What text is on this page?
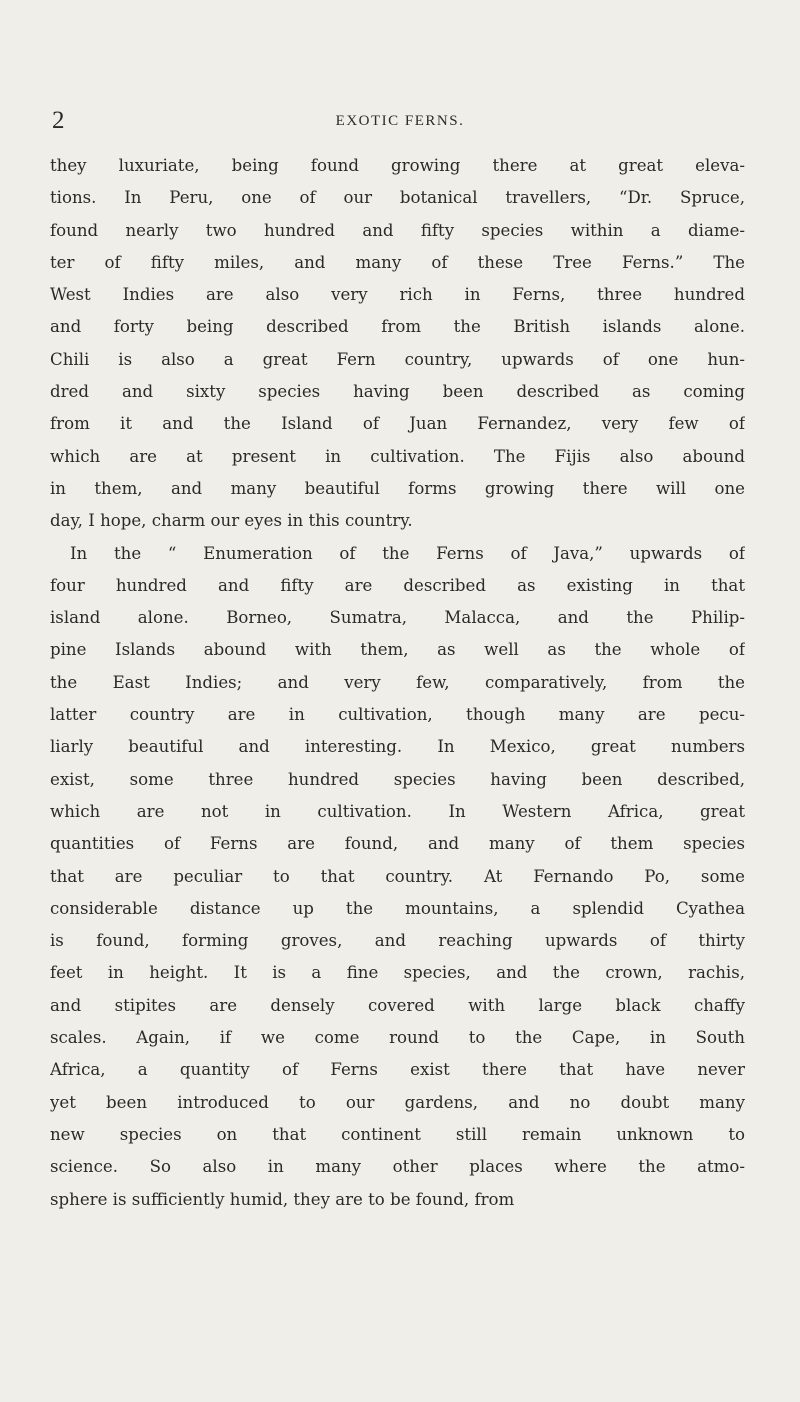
2	EXOTIC FERNS.
they luxuriate, being found growing there at great eleva-
tions. In Peru, one of our botanical travellers, “Dr. Spruce,
found nearly two hundred and fifty species within a diame-
ter of fifty miles, and many of these Tree Ferns.” The
West Indies are also very rich in Ferns, three hundred
and forty being described from the British islands alone.
Chili is also a great Fern country, upwards of one hun-
dred and sixty species having been described as coming
from it and the Island of Juan Fernandez, very few of
which are at present in cultivation. The Fijis also abound
in them, and many beautiful forms growing there will one
day, I hope, charm our eyes in this country.
In the “ Enumeration of the Ferns of Java,” upwards of
four hundred and fifty are described as existing in that
island alone. Borneo, Sumatra, Malacca, and the Philip-
pine Islands abound with them, as well as the whole of
the East Indies; and very few, comparatively, from the
latter country are in cultivation, though many are pecu-
liarly beautiful and interesting. In Mexico, great numbers
exist, some three hundred species having been described,
which are not in cultivation. In Western Africa, great
quantities of Ferns are found, and many of them species
that are peculiar to that country. At Fernando Po, some
considerable distance up the mountains, a splendid Cyathea
is found, forming groves, and reaching upwards of thirty
feet in height. It is a fine species, and the crown, rachis,
and stipites are densely covered with large black chaffy
scales. Again, if we come round to the Cape, in South
Africa, a quantity of Ferns exist there that have never
yet been introduced to our gardens, and no doubt many
new species on that continent still remain unknown to
science. So also in many other places where the atmo-
sphere is sufficiently humid, they are to be found, from
